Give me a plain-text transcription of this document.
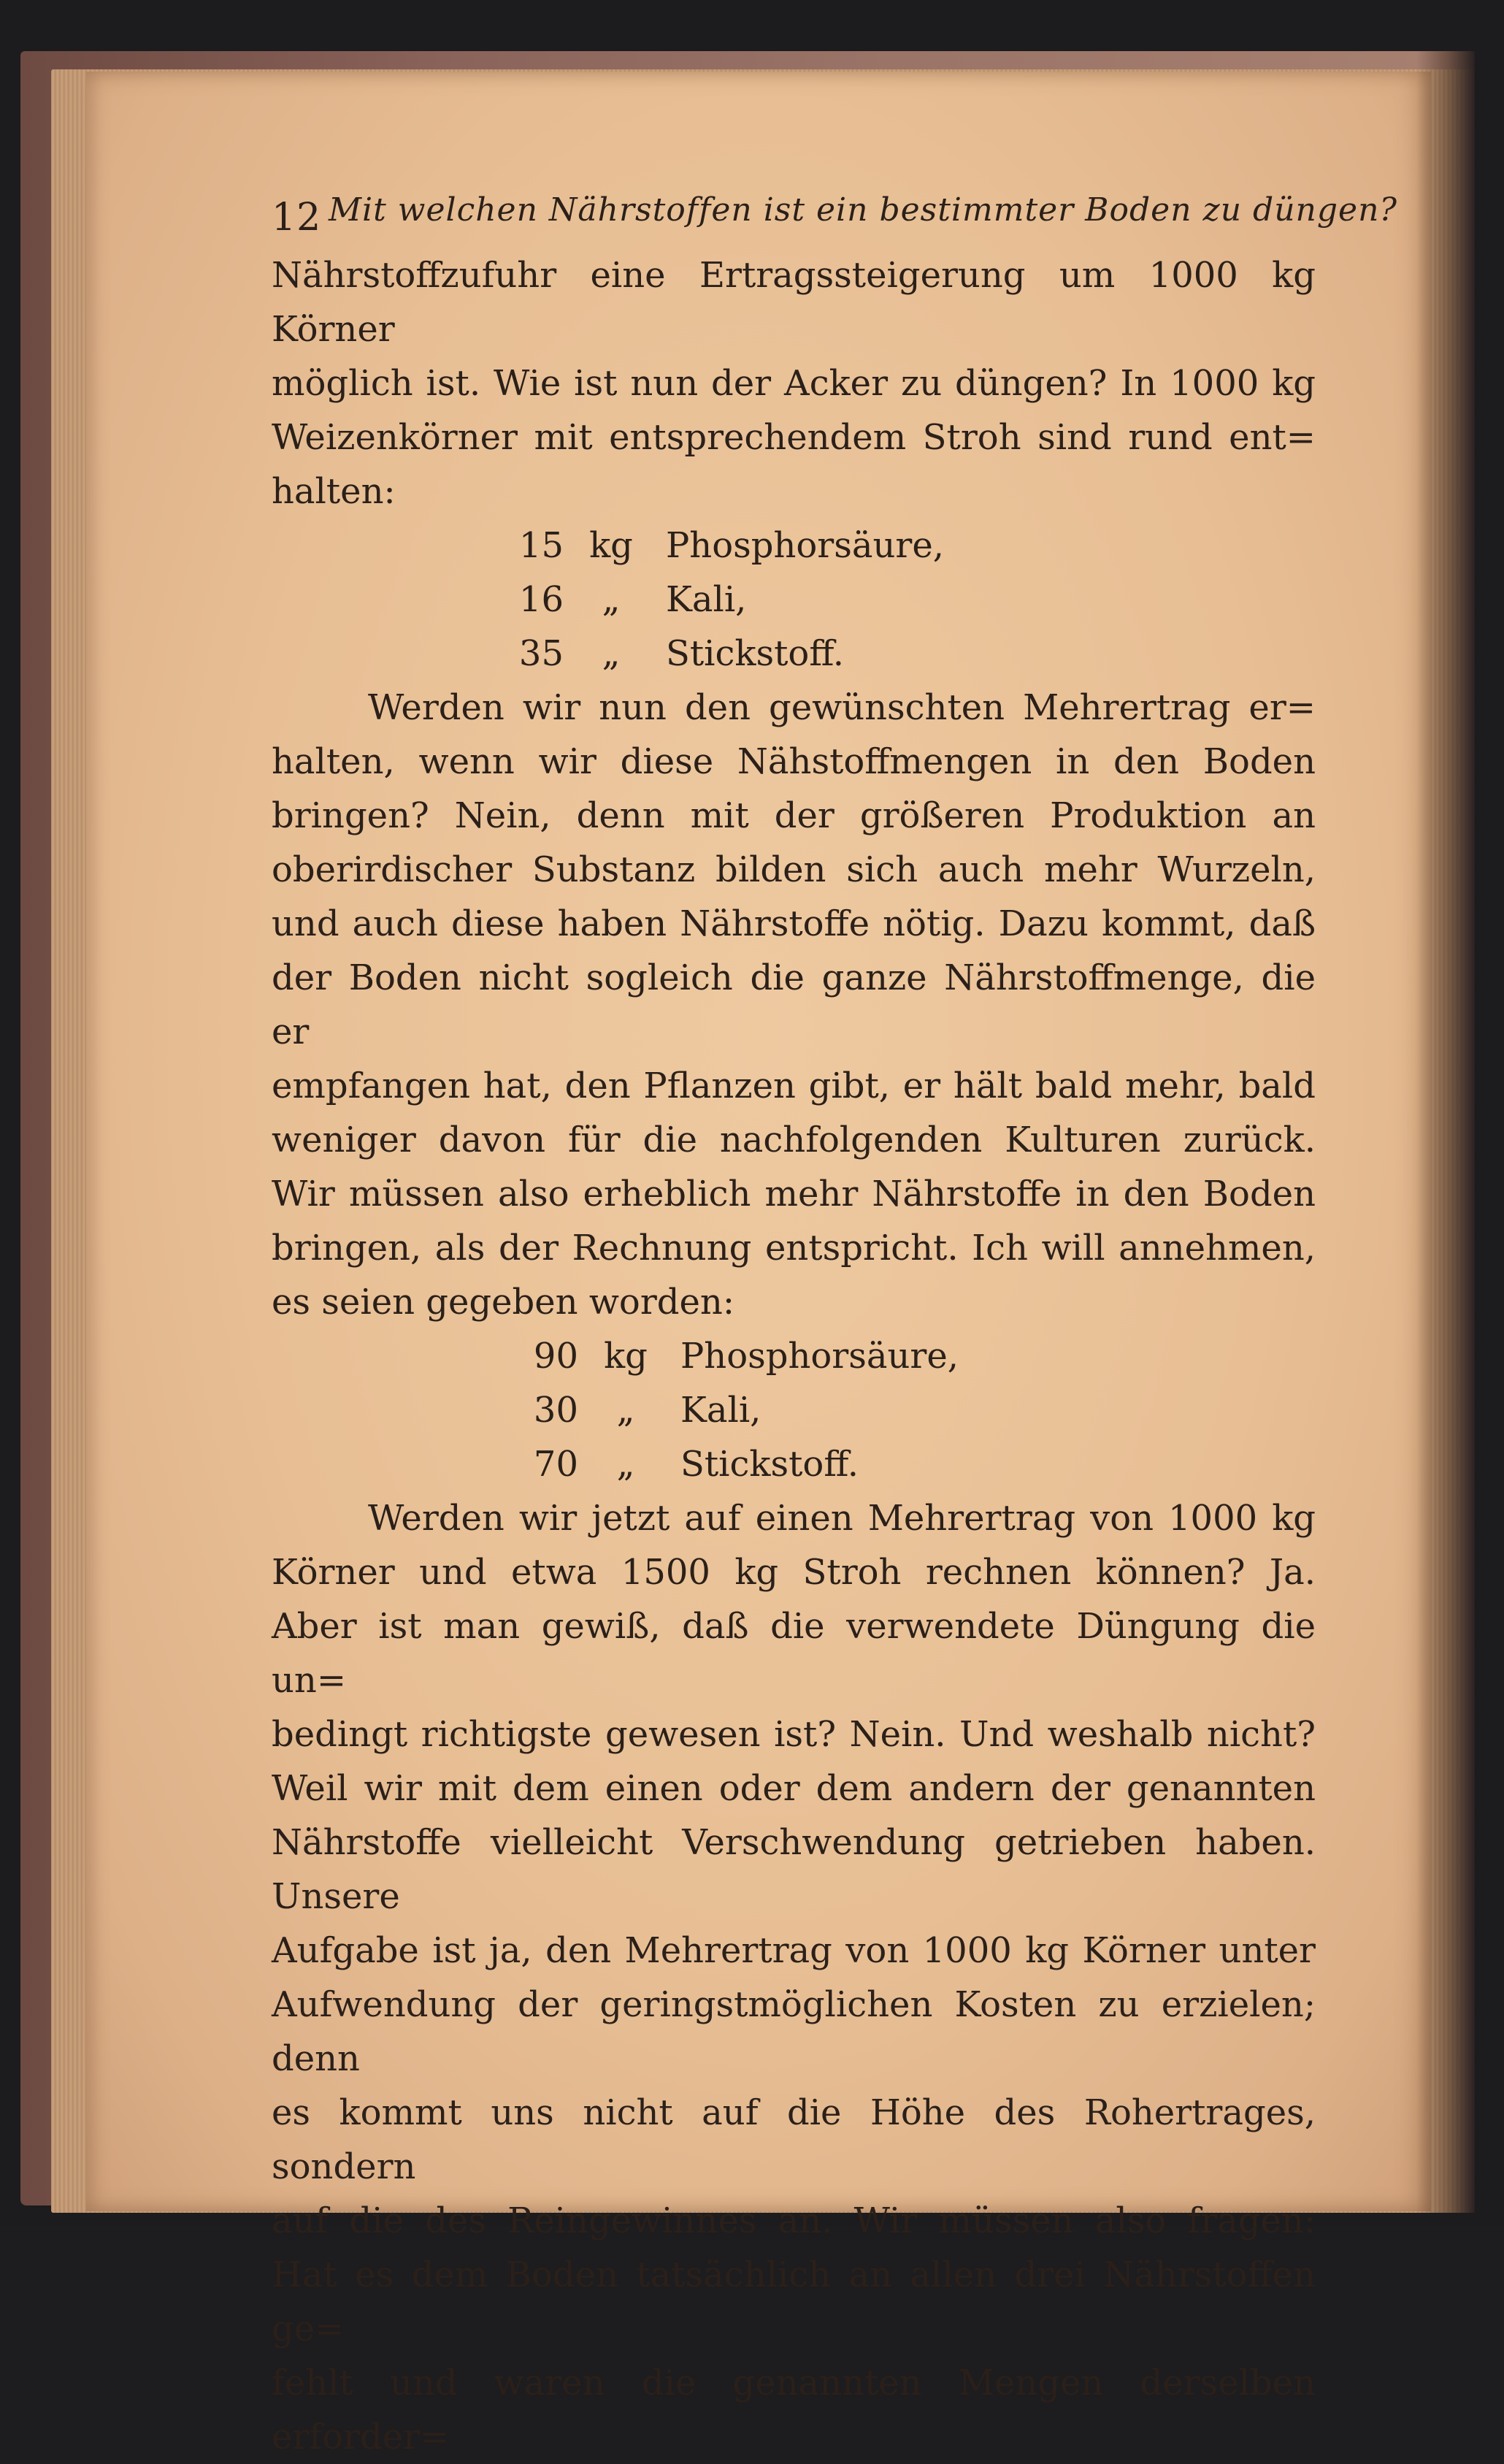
12 Mit welchen Nährstoffen ist ein bestimmter Boden zu düngen?

Nährstoffzufuhr eine Ertragssteigerung um 1000 kg Körner
möglich ist. Wie ist nun der Acker zu düngen? In 1000 kg
Weizenkörner mit entsprechendem Stroh sind rund ent=
halten:

15 kg Phosphorsäure,
16	„	Kali,
35	„	Stickstoff.

Werden wir nun den gewünschten Mehrertrag er=
halten, wenn wir diese Nähstoffmengen in den Boden
bringen? Nein, denn mit der größeren Produktion an
oberirdischer Substanz bilden sich auch mehr Wurzeln,
und auch diese haben Nährstoffe nötig. Dazu kommt, daß
der Boden nicht sogleich die ganze Nährstoffmenge, die er
empfangen hat, den Pflanzen gibt, er hält bald mehr, bald
weniger davon für die nachfolgenden Kulturen zurück.
Wir müssen also erheblich mehr Nährstoffe in den Boden
bringen, als der Rechnung entspricht. Ich will annehmen,
es seien gegeben worden:

90 kg Phosphorsäure,
30	„	Kali,
70	„	Stickstoff.

Werden wir jetzt auf einen Mehrertrag von 1000 kg
Körner und etwa 1500 kg Stroh rechnen können? Ja.
Aber ist man gewiß, daß die verwendete Düngung die un=
bedingt richtigste gewesen ist? Nein. Und weshalb nicht?
Weil wir mit dem einen oder dem andern der genannten
Nährstoffe vielleicht Verschwendung getrieben haben. Unsere
Aufgabe ist ja, den Mehrertrag von 1000 kg Körner unter
Aufwendung der geringstmöglichen Kosten zu erzielen; denn
es kommt uns nicht auf die Höhe des Rohertrages, sondern
auf die des Reingewinnes an. Wir müssen also fragen:
Hat es dem Boden tatsächlich an allen drei Nährstoffen ge=
fehlt und waren die genannten Mengen derselben erforder=
